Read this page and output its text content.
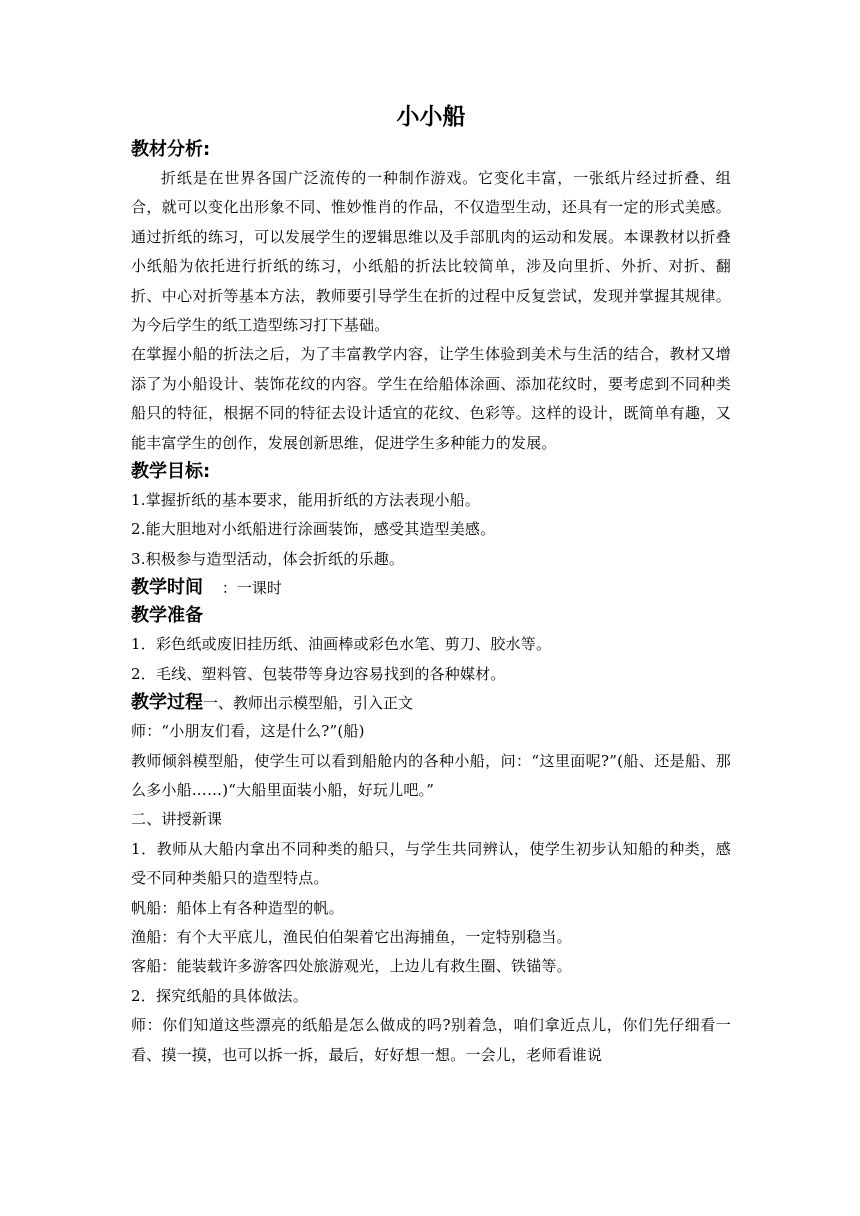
小小船
教材分析:

折纸是在世界各国广泛流传的一种制作游戏。它变化丰富，一张纸片经过折叠、组合，就可以变化出形象不同、惟妙惟肖的作品，不仅造型生动，还具有一定的形式美感。通过折纸的练习，可以发展学生的逻辑思维以及手部肌肉的运动和发展。本课教材以折叠小纸船为依托进行折纸的练习，小纸船的折法比较简单，涉及向里折、外折、对折、翻折、中心对折等基本方法，教师要引导学生在折的过程中反复尝试，发现并掌握其规律。为今后学生的纸工造型练习打下基础。

在掌握小船的折法之后，为了丰富教学内容，让学生体验到美术与生活的结合，教材又增添了为小船设计、装饰花纹的内容。学生在给船体涂画、添加花纹时，要考虑到不同种类船只的特征，根据不同的特征去设计适宜的花纹、色彩等。这样的设计，既简单有趣，又能丰富学生的创作，发展创新思维，促进学生多种能力的发展。

教学目标:

1.掌握折纸的基本要求，能用折纸的方法表现小船。

2.能大胆地对小纸船进行涂画装饰，感受其造型美感。

3.积极参与造型活动，体会折纸的乐趣。

教学时间 ：一课时
教学准备

1．彩色纸或废旧挂历纸、油画棒或彩色水笔、剪刀、胶水等。

2．毛线、塑料管、包装带等身边容易找到的各种媒材。

教学过程一、教师出示模型船，引入正文

师：“小朋友们看，这是什么?”(船)

教师倾斜模型船，使学生可以看到船舱内的各种小船，问：“这里面呢?”(船、还是船、那么多小船……)“大船里面装小船，好玩儿吧。”

二、讲授新课

1．教师从大船内拿出不同种类的船只，与学生共同辨认，使学生初步认知船的种类，感受不同种类船只的造型特点。

帆船：船体上有各种造型的帆。

渔船：有个大平底儿，渔民伯伯架着它出海捕鱼，一定特别稳当。

客船：能装载许多游客四处旅游观光，上边儿有救生圈、铁锚等。

2．探究纸船的具体做法。

师：你们知道这些漂亮的纸船是怎么做成的吗?别着急，咱们拿近点儿，你们先仔细看一看、摸一摸，也可以拆一拆，最后，好好想一想。一会儿，老师看谁说
